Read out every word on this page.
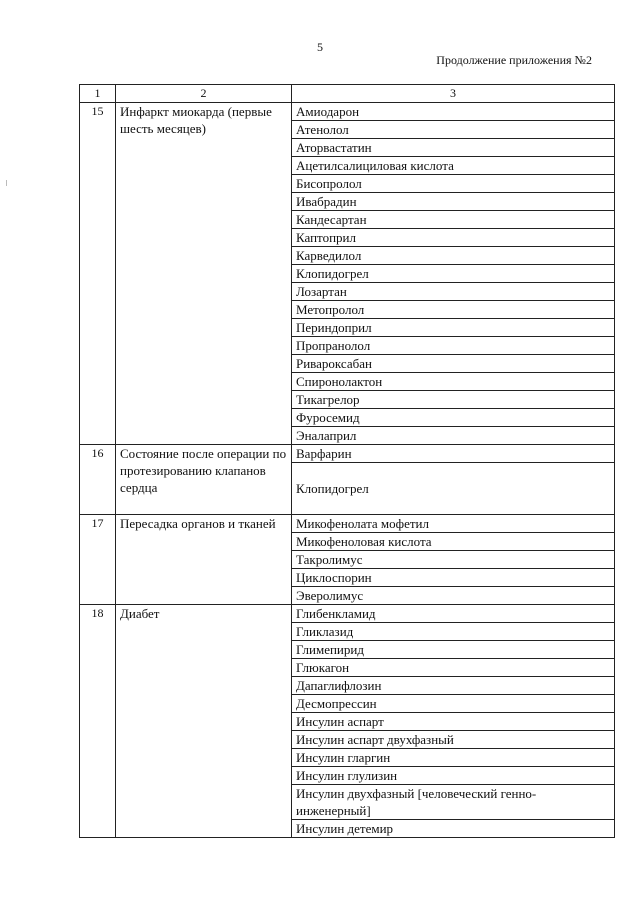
5
Продолжение приложения №2
1	2	3
15	Инфаркт миокарда (первые шесть месяцев)	Амиодарон
		Атенолол
		Аторвастатин
		Ацетилсалициловая кислота
		Бисопролол
		Ивабрадин
		Кандесартан
		Каптоприл
		Карведилол
		Клопидогрел
		Лозартан
		Метопролол
		Периндоприл
		Пропранолол
		Ривароксабан
		Спиронолактон
		Тикагрелор
		Фуросемид
		Эналаприл
16	Состояние после операции по протезированию клапанов сердца	Варфарин
		Клопидогрел
17	Пересадка органов и тканей	Микофенолата мофетил
		Микофеноловая кислота
		Такролимус
		Циклоспорин
		Эверолимус
18	Диабет	Глибенкламид
		Гликлазид
		Глимепирид
		Глюкагон
		Дапаглифлозин
		Десмопрессин
		Инсулин аспарт
		Инсулин аспарт двухфазный
		Инсулин гларгин
		Инсулин глулизин
		Инсулин двухфазный [человеческий генно-инженерный]
		Инсулин детемир
